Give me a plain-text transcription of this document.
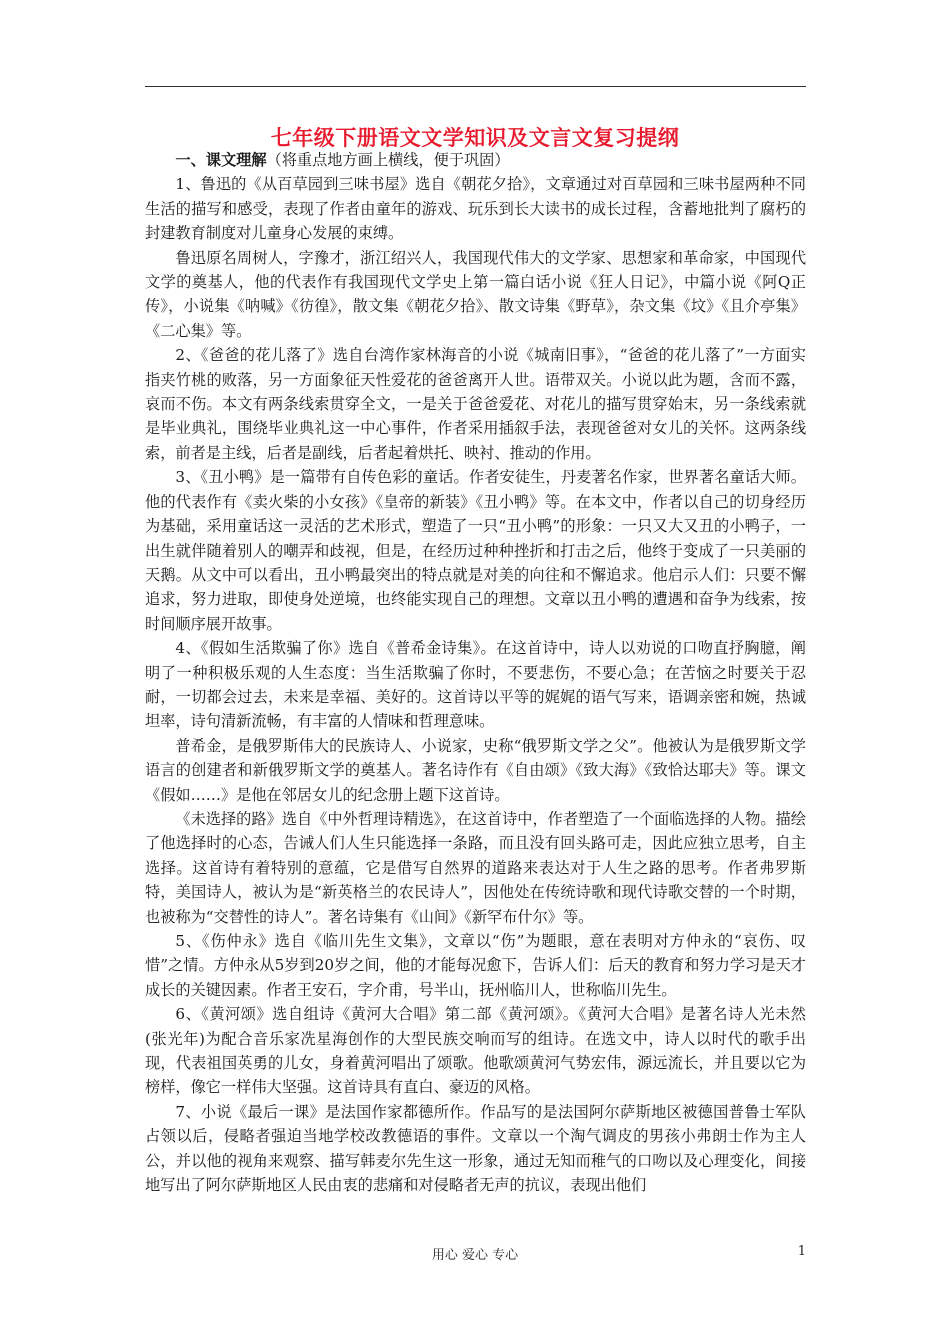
七年级下册语文文学知识及文言文复习提纲

一、课文理解（将重点地方画上横线，便于巩固）

1、鲁迅的《从百草园到三味书屋》选自《朝花夕拾》，文章通过对百草园和三味书屋两种不同生活的描写和感受，表现了作者由童年的游戏、玩乐到长大读书的成长过程，含蓄地批判了腐朽的封建教育制度对儿童身心发展的束缚。

鲁迅原名周树人，字豫才，浙江绍兴人，我国现代伟大的文学家、思想家和革命家，中国现代文学的奠基人，他的代表作有我国现代文学史上第一篇白话小说《狂人日记》，中篇小说《阿Q正传》，小说集《呐喊》《彷徨》，散文集《朝花夕拾》、散文诗集《野草》，杂文集《坟》《且介亭集》《二心集》等。

2、《爸爸的花儿落了》选自台湾作家林海音的小说《城南旧事》，“爸爸的花儿落了”一方面实指夹竹桃的败落，另一方面象征天性爱花的爸爸离开人世。语带双关。小说以此为题，含而不露，哀而不伤。本文有两条线索贯穿全文，一是关于爸爸爱花、对花儿的描写贯穿始末，另一条线索就是毕业典礼，围绕毕业典礼这一中心事件，作者采用插叙手法，表现爸爸对女儿的关怀。这两条线索，前者是主线，后者是副线，后者起着烘托、映衬、推动的作用。

3、《丑小鸭》是一篇带有自传色彩的童话。作者安徒生，丹麦著名作家，世界著名童话大师。他的代表作有《卖火柴的小女孩》《皇帝的新装》《丑小鸭》等。在本文中，作者以自己的切身经历为基础，采用童话这一灵活的艺术形式，塑造了一只“丑小鸭”的形象：一只又大又丑的小鸭子，一出生就伴随着别人的嘲弄和歧视，但是，在经历过种种挫折和打击之后，他终于变成了一只美丽的天鹅。从文中可以看出，丑小鸭最突出的特点就是对美的向往和不懈追求。他启示人们：只要不懈追求，努力进取，即使身处逆境，也终能实现自己的理想。文章以丑小鸭的遭遇和奋争为线索，按时间顺序展开故事。

4、《假如生活欺骗了你》选自《普希金诗集》。在这首诗中，诗人以劝说的口吻直抒胸臆，阐明了一种积极乐观的人生态度：当生活欺骗了你时，不要悲伤，不要心急；在苦恼之时要关于忍耐，一切都会过去，未来是幸福、美好的。这首诗以平等的娓娓的语气写来，语调亲密和婉，热诚坦率，诗句清新流畅，有丰富的人情味和哲理意味。

普希金，是俄罗斯伟大的民族诗人、小说家，史称“俄罗斯文学之父”。他被认为是俄罗斯文学语言的创建者和新俄罗斯文学的奠基人。著名诗作有《自由颂》《致大海》《致恰达耶夫》等。课文《假如……》是他在邻居女儿的纪念册上题下这首诗。

《未选择的路》选自《中外哲理诗精选》，在这首诗中，作者塑造了一个面临选择的人物。描绘了他选择时的心态，告诫人们人生只能选择一条路，而且没有回头路可走，因此应独立思考，自主选择。这首诗有着特别的意蕴，它是借写自然界的道路来表达对于人生之路的思考。作者弗罗斯特，美国诗人，被认为是“新英格兰的农民诗人”，因他处在传统诗歌和现代诗歌交替的一个时期，也被称为“交替性的诗人”。著名诗集有《山间》《新罕布什尔》等。

5、《伤仲永》选自《临川先生文集》，文章以“伤”为题眼，意在表明对方仲永的“哀伤、叹惜”之情。方仲永从5岁到20岁之间，他的才能每况愈下，告诉人们：后天的教育和努力学习是天才成长的关键因素。作者王安石，字介甫，号半山，抚州临川人，世称临川先生。

6、《黄河颂》选自组诗《黄河大合唱》第二部《黄河颂》。《黄河大合唱》是著名诗人光未然(张光年)为配合音乐家冼星海创作的大型民族交响而写的组诗。在选文中，诗人以时代的歌手出现，代表祖国英勇的儿女，身着黄河唱出了颂歌。他歌颂黄河气势宏伟，源远流长，并且要以它为榜样，像它一样伟大坚强。这首诗具有直白、豪迈的风格。

7、小说《最后一课》是法国作家都德所作。作品写的是法国阿尔萨斯地区被德国普鲁士军队占领以后，侵略者强迫当地学校改教德语的事件。文章以一个淘气调皮的男孩小弗朗士作为主人公，并以他的视角来观察、描写韩麦尔先生这一形象，通过无知而稚气的口吻以及心理变化，间接地写出了阿尔萨斯地区人民由衷的悲痛和对侵略者无声的抗议，表现出他们

用心 爱心 专心	1
